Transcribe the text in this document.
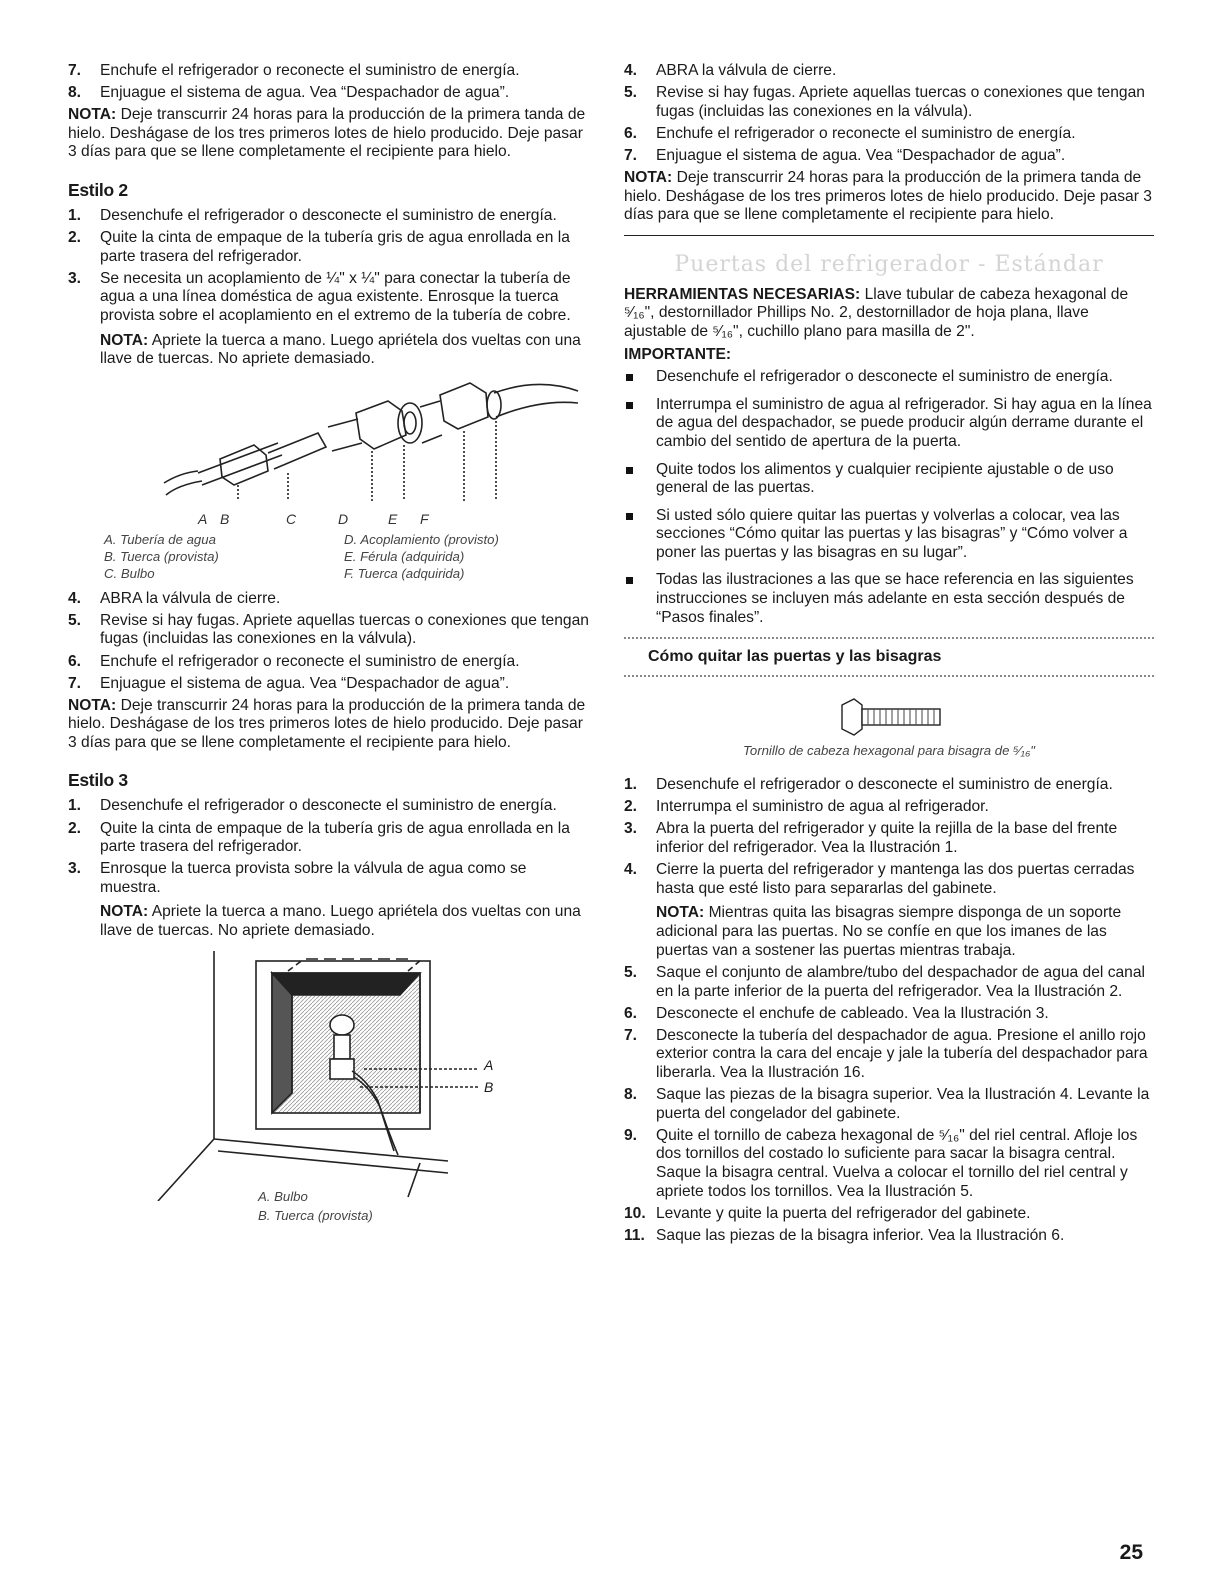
7. Enchufe el refrigerador o reconecte el suministro de energía.
8. Enjuague el sistema de agua. Vea “Despachador de agua”.

NOTA: Deje transcurrir 24 horas para la producción de la primera tanda de hielo. Deshágase de los tres primeros lotes de hielo producido. Deje pasar 3 días para que se llene completamente el recipiente para hielo.

Estilo 2
1. Desenchufe el refrigerador o desconecte el suministro de energía.
2. Quite la cinta de empaque de la tubería gris de agua enrollada en la parte trasera del refrigerador.
3. Se necesita un acoplamiento de ¼" x ¼" para conectar la tubería de agua a una línea doméstica de agua existente. Enrosque la tuerca provista sobre el acoplamiento en el extremo de la tubería de cobre.

NOTA: Apriete la tuerca a mano. Luego apriétela dos vueltas con una llave de tuercas. No apriete demasiado.

A B	C	D	E F
A. Tubería de agua	D. Acoplamiento (provisto)
B. Tuerca (provista)	E. Férula (adquirida)
C. Bulbo	F. Tuerca (adquirida)
4. ABRA la válvula de cierre.
5. Revise si hay fugas. Apriete aquellas tuercas o conexiones que tengan fugas (incluidas las conexiones en la válvula).
6. Enchufe el refrigerador o reconecte el suministro de energía.
7. Enjuague el sistema de agua. Vea “Despachador de agua”.

NOTA: Deje transcurrir 24 horas para la producción de la primera tanda de hielo. Deshágase de los tres primeros lotes de hielo producido. Deje pasar 3 días para que se llene completamente el recipiente para hielo.

Estilo 3
1. Desenchufe el refrigerador o desconecte el suministro de energía.
2. Quite la cinta de empaque de la tubería gris de agua enrollada en la parte trasera del refrigerador.
3. Enrosque la tuerca provista sobre la válvula de agua como se muestra.

NOTA: Apriete la tuerca a mano. Luego apriétela dos vueltas con una llave de tuercas. No apriete demasiado.

A
B
A. Bulbo
B. Tuerca (provista)
4. ABRA la válvula de cierre.
5. Revise si hay fugas. Apriete aquellas tuercas o conexiones que tengan fugas (incluidas las conexiones en la válvula).
6. Enchufe el refrigerador o reconecte el suministro de energía.
7. Enjuague el sistema de agua. Vea “Despachador de agua”.

NOTA: Deje transcurrir 24 horas para la producción de la primera tanda de hielo. Deshágase de los tres primeros lotes de hielo producido. Deje pasar 3 días para que se llene completamente el recipiente para hielo.

Puertas del refrigerador - Estándar

HERRAMIENTAS NECESARIAS: Llave tubular de cabeza hexagonal de ⁵⁄₁₆", destornillador Phillips No. 2, destornillador de hoja plana, llave ajustable de ⁵⁄₁₆", cuchillo plano para masilla de 2".

IMPORTANTE:

Desenchufe el refrigerador o desconecte el suministro de energía.
Interrumpa el suministro de agua al refrigerador. Si hay agua en la línea de agua del despachador, se puede producir algún derrame durante el cambio del sentido de apertura de la puerta.
Quite todos los alimentos y cualquier recipiente ajustable o de uso general de las puertas.
Si usted sólo quiere quitar las puertas y volverlas a colocar, vea las secciones “Cómo quitar las puertas y las bisagras” y “Cómo volver a poner las puertas y las bisagras en su lugar”.
Todas las ilustraciones a las que se hace referencia en las siguientes instrucciones se incluyen más adelante en esta sección después de “Pasos finales”.
Cómo quitar las puertas y las bisagras
Tornillo de cabeza hexagonal para bisagra de ⁵⁄₁₆"
1. Desenchufe el refrigerador o desconecte el suministro de energía.
2. Interrumpa el suministro de agua al refrigerador.
3. Abra la puerta del refrigerador y quite la rejilla de la base del frente inferior del refrigerador. Vea la Ilustración 1.
4. Cierre la puerta del refrigerador y mantenga las dos puertas cerradas hasta que esté listo para separarlas del gabinete.

NOTA: Mientras quita las bisagras siempre disponga de un soporte adicional para las puertas. No se confíe en que los imanes de las puertas van a sostener las puertas mientras trabaja.

5. Saque el conjunto de alambre/tubo del despachador de agua del canal en la parte inferior de la puerta del refrigerador. Vea la Ilustración 2.
6. Desconecte el enchufe de cableado. Vea la Ilustración 3.
7. Desconecte la tubería del despachador de agua. Presione el anillo rojo exterior contra la cara del encaje y jale la tubería del despachador para liberarla. Vea la Ilustración 16.
8. Saque las piezas de la bisagra superior. Vea la Ilustración 4. Levante la puerta del congelador del gabinete.
9. Quite el tornillo de cabeza hexagonal de ⁵⁄₁₆" del riel central. Afloje los dos tornillos del costado lo suficiente para sacar la bisagra central. Saque la bisagra central. Vuelva a colocar el tornillo del riel central y apriete todos los tornillos. Vea la Ilustración 5.
10. Levante y quite la puerta del refrigerador del gabinete.
11. Saque las piezas de la bisagra inferior. Vea la Ilustración 6.
25
